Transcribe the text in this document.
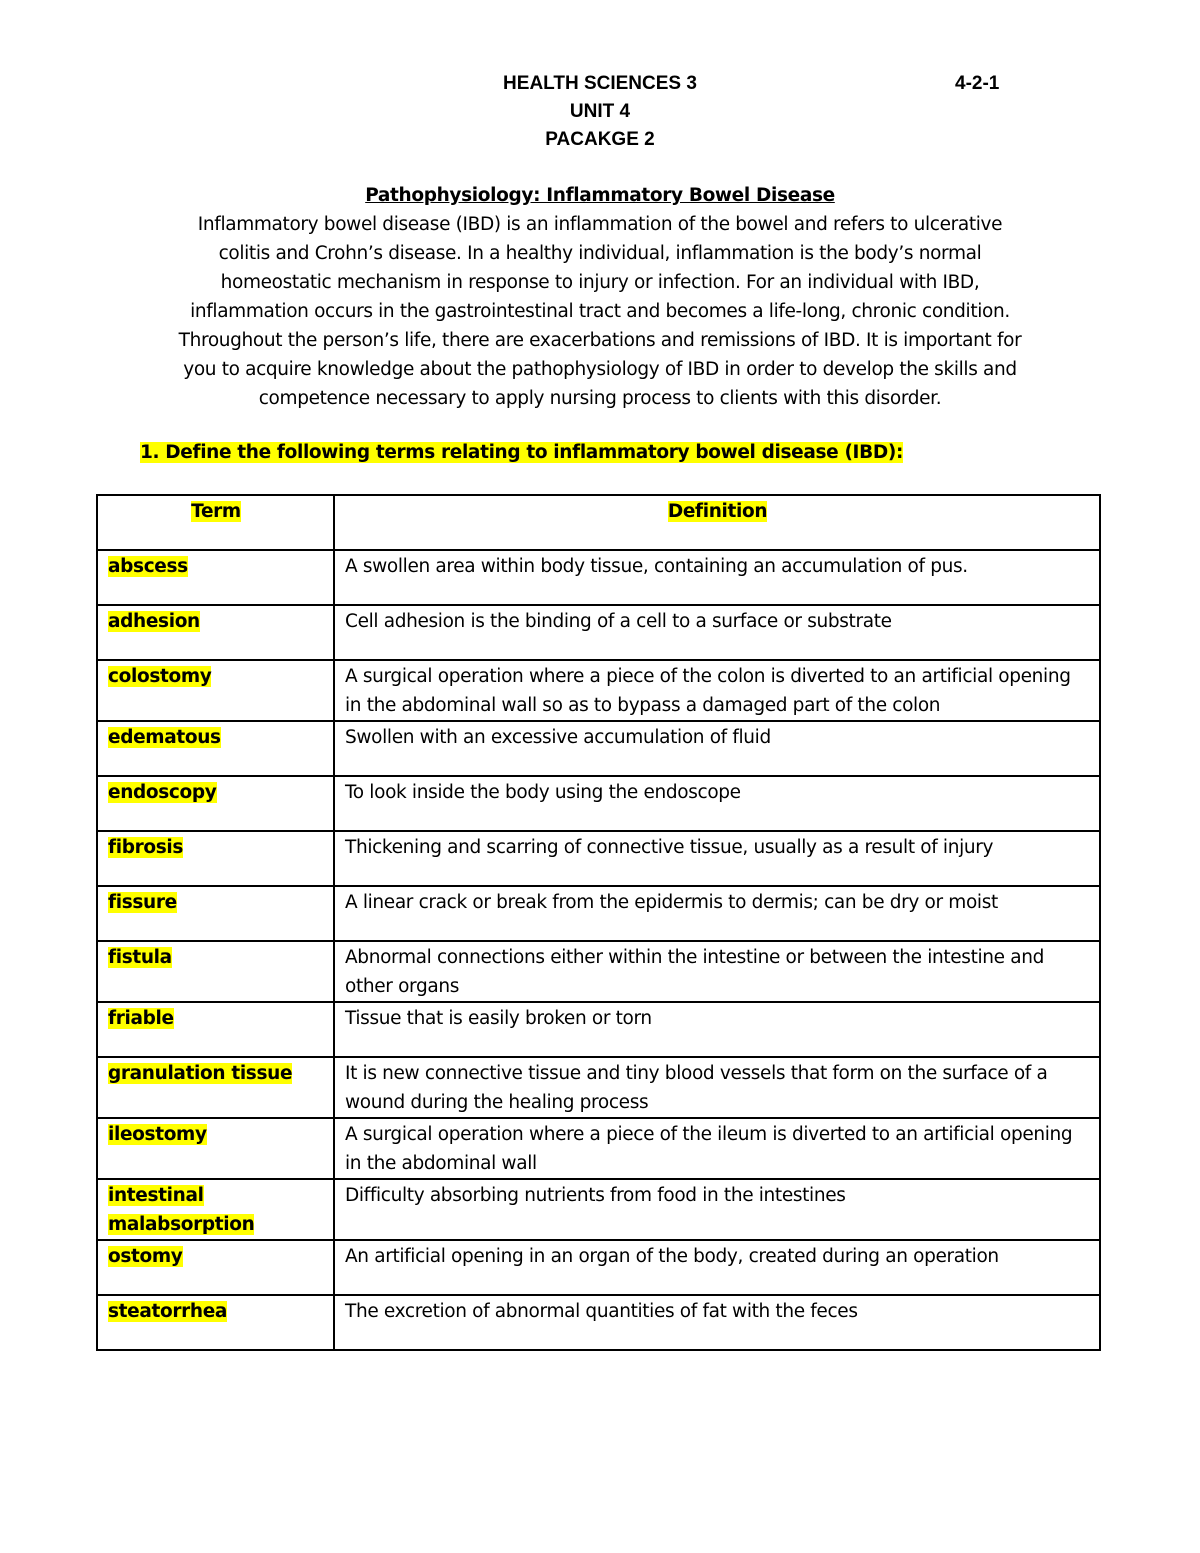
HEALTH SCIENCES 3	4-2-1
UNIT 4
PACAKGE 2
Pathophysiology: Inflammatory Bowel Disease
Inflammatory bowel disease (IBD) is an inflammation of the bowel and refers to ulcerative
colitis and Crohn’s disease. In a healthy individual, inflammation is the body’s normal
homeostatic mechanism in response to injury or infection. For an individual with IBD,
inflammation occurs in the gastrointestinal tract and becomes a life-long, chronic condition.
Throughout the person’s life, there are exacerbations and remissions of IBD. It is important for
you to acquire knowledge about the pathophysiology of IBD in order to develop the skills and
competence necessary to apply nursing process to clients with this disorder.
1. Define the following terms relating to inflammatory bowel disease (IBD):
Term	Definition
abscess	A swollen area within body tissue, containing an accumulation of pus.
adhesion	Cell adhesion is the binding of a cell to a surface or substrate
colostomy	A surgical operation where a piece of the colon is diverted to an artificial opening in the abdominal wall so as to bypass a damaged part of the colon
edematous	Swollen with an excessive accumulation of fluid
endoscopy	To look inside the body using the endoscope
fibrosis	Thickening and scarring of connective tissue, usually as a result of injury
fissure	A linear crack or break from the epidermis to dermis; can be dry or moist
fistula	Abnormal connections either within the intestine or between the intestine and other organs
friable	Tissue that is easily broken or torn
granulation tissue	It is new connective tissue and tiny blood vessels that form on the surface of a wound during the healing process
ileostomy	A surgical operation where a piece of the ileum is diverted to an artificial opening in the abdominal wall
intestinal malabsorption	Difficulty absorbing nutrients from food in the intestines
ostomy	An artificial opening in an organ of the body, created during an operation
steatorrhea	The excretion of abnormal quantities of fat with the feces
